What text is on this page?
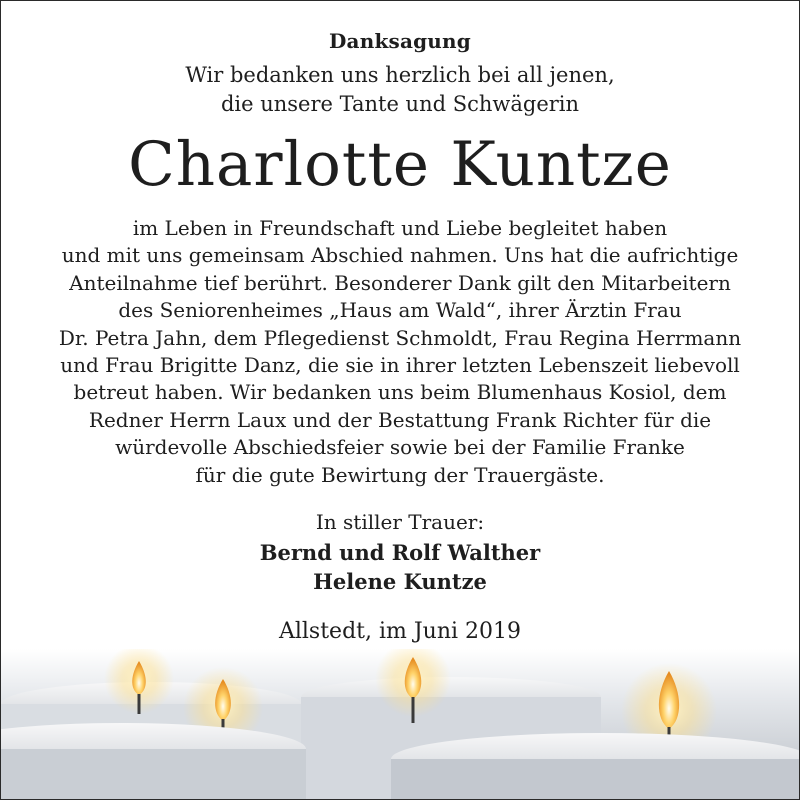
Danksagung
Wir bedanken uns herzlich bei all jenen,
die unsere Tante und Schwägerin
Charlotte Kuntze
im Leben in Freundschaft und Liebe begleitet haben
und mit uns gemeinsam Abschied nahmen. Uns hat die aufrichtige
Anteilnahme tief berührt. Besonderer Dank gilt den Mitarbeitern
des Seniorenheimes „Haus am Wald“, ihrer Ärztin Frau
Dr. Petra Jahn, dem Pflegedienst Schmoldt, Frau Regina Herrmann
und Frau Brigitte Danz, die sie in ihrer letzten Lebenszeit liebevoll
betreut haben. Wir bedanken uns beim Blumenhaus Kosiol, dem
Redner Herrn Laux und der Bestattung Frank Richter für die
würdevolle Abschiedsfeier sowie bei der Familie Franke
für die gute Bewirtung der Trauergäste.
In stiller Trauer:
Bernd und Rolf Walther
Helene Kuntze
Allstedt, im Juni 2019
